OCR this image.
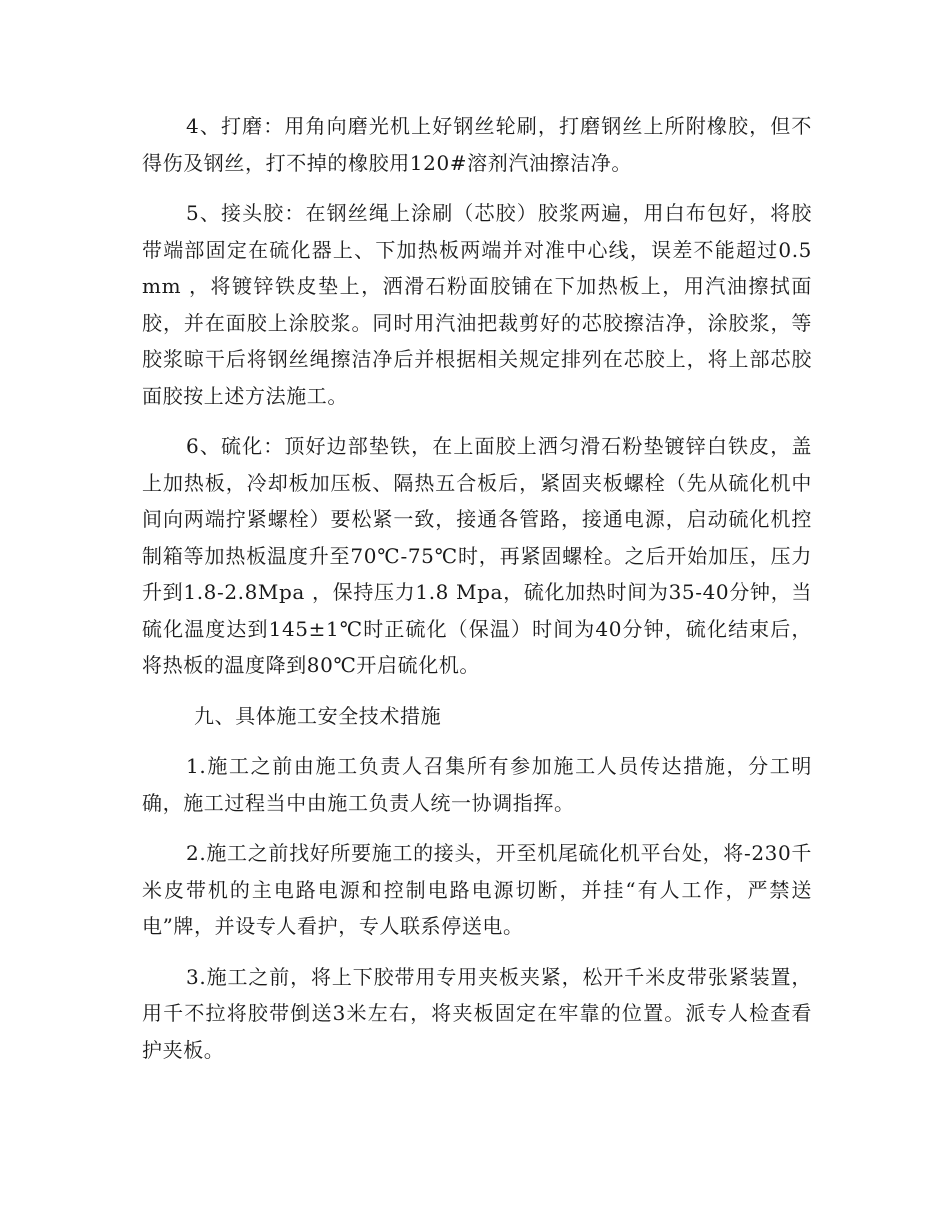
4、打磨：用角向磨光机上好钢丝轮刷，打磨钢丝上所附橡胶，但不得伤及钢丝，打不掉的橡胶用120#溶剂汽油擦洁净。

5、接头胶：在钢丝绳上涂刷（芯胶）胶浆两遍，用白布包好，将胶带端部固定在硫化器上、下加热板两端并对准中心线，误差不能超过0.5mm ，将镀锌铁皮垫上，洒滑石粉面胶铺在下加热板上，用汽油擦拭面胶，并在面胶上涂胶浆。同时用汽油把裁剪好的芯胶擦洁净，涂胶浆，等胶浆晾干后将钢丝绳擦洁净后并根据相关规定排列在芯胶上，将上部芯胶面胶按上述方法施工。

6、硫化：顶好边部垫铁，在上面胶上洒匀滑石粉垫镀锌白铁皮，盖上加热板，冷却板加压板、隔热五合板后，紧固夹板螺栓（先从硫化机中间向两端拧紧螺栓）要松紧一致，接通各管路，接通电源，启动硫化机控制箱等加热板温度升至70℃-75℃时，再紧固螺栓。之后开始加压，压力升到1.8-2.8Mpa ，保持压力1.8 Mpa，硫化加热时间为35-40分钟，当硫化温度达到145±1℃时正硫化（保温）时间为40分钟，硫化结束后，将热板的温度降到80℃开启硫化机。

九、具体施工安全技术措施

1.施工之前由施工负责人召集所有参加施工人员传达措施，分工明确，施工过程当中由施工负责人统一协调指挥。

2.施工之前找好所要施工的接头，开至机尾硫化机平台处，将-230千米皮带机的主电路电源和控制电路电源切断，并挂“有人工作，严禁送电”牌，并设专人看护，专人联系停送电。

3.施工之前，将上下胶带用专用夹板夹紧，松开千米皮带张紧装置，用千不拉将胶带倒送3米左右，将夹板固定在牢靠的位置。派专人检查看护夹板。
